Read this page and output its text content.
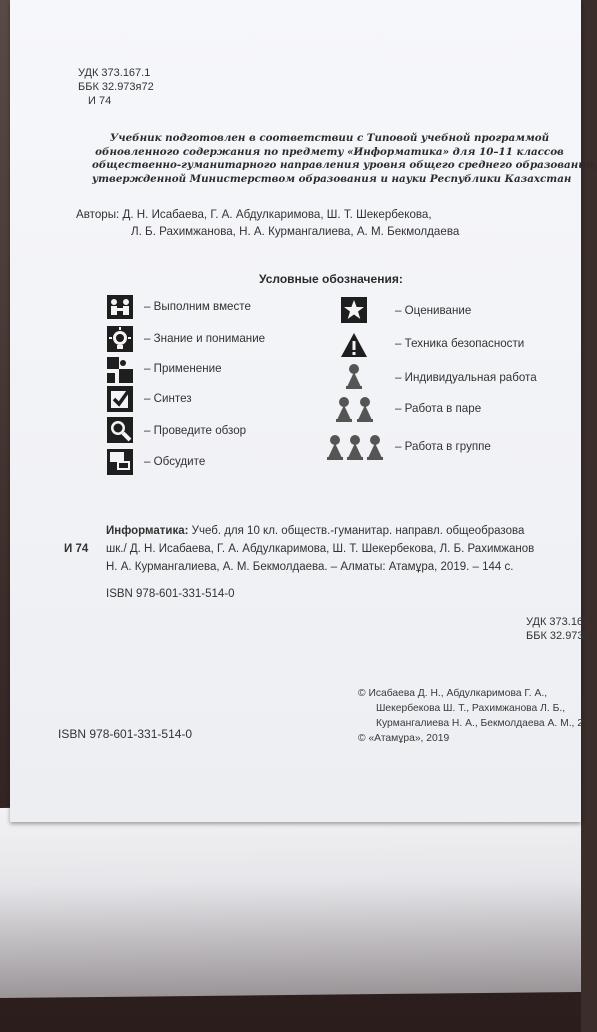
УДК 373.167.1
ББК 32.973я72
И 74
Учебник подготовлен в соответствии с Типовой учебной программой
обновленного содержания по предмету «Информатика» для 10–11 классов
общественно-гуманитарного направления уровня общего среднего образования,
утвержденной Министерством образования и науки Республики Казахстан
Авторы: Д. Н. Исабаева, Г. А. Абдулкаримова, Ш. Т. Шекербекова,
Л. Б. Рахимжанова, Н. А. Курмангалиева, А. М. Бекмолдаева
Условные обозначения:
– Выполним вместе
– Знание и понимание
– Применение
– Синтез
– Проведите обзор
– Обсудите
– Оценивание
– Техника безопасности
– Индивидуальная работа
– Работа в паре
– Работа в группе
Информатика: Учеб. для 10 кл. обществ.-гуманитар. направл. общеобразова
И 74 шк./ Д. Н. Исабаева, Г. А. Абдулкаримова, Ш. Т. Шекербекова, Л. Б. Рахимжанов
Н. А. Курмангалиева, А. М. Бекмолдаева. – Алматы: Атамұра, 2019. – 144 с.
ISBN 978-601-331-514-0
УДК 373.167
ББК 32.973я
© Исабаева Д. Н., Абдулкаримова Г. А.,
Шекербекова Ш. Т., Рахимжанова Л. Б.,
Курмангалиева Н. А., Бекмолдаева А. М., 2
© «Атамұра», 2019
ISBN 978-601-331-514-0
